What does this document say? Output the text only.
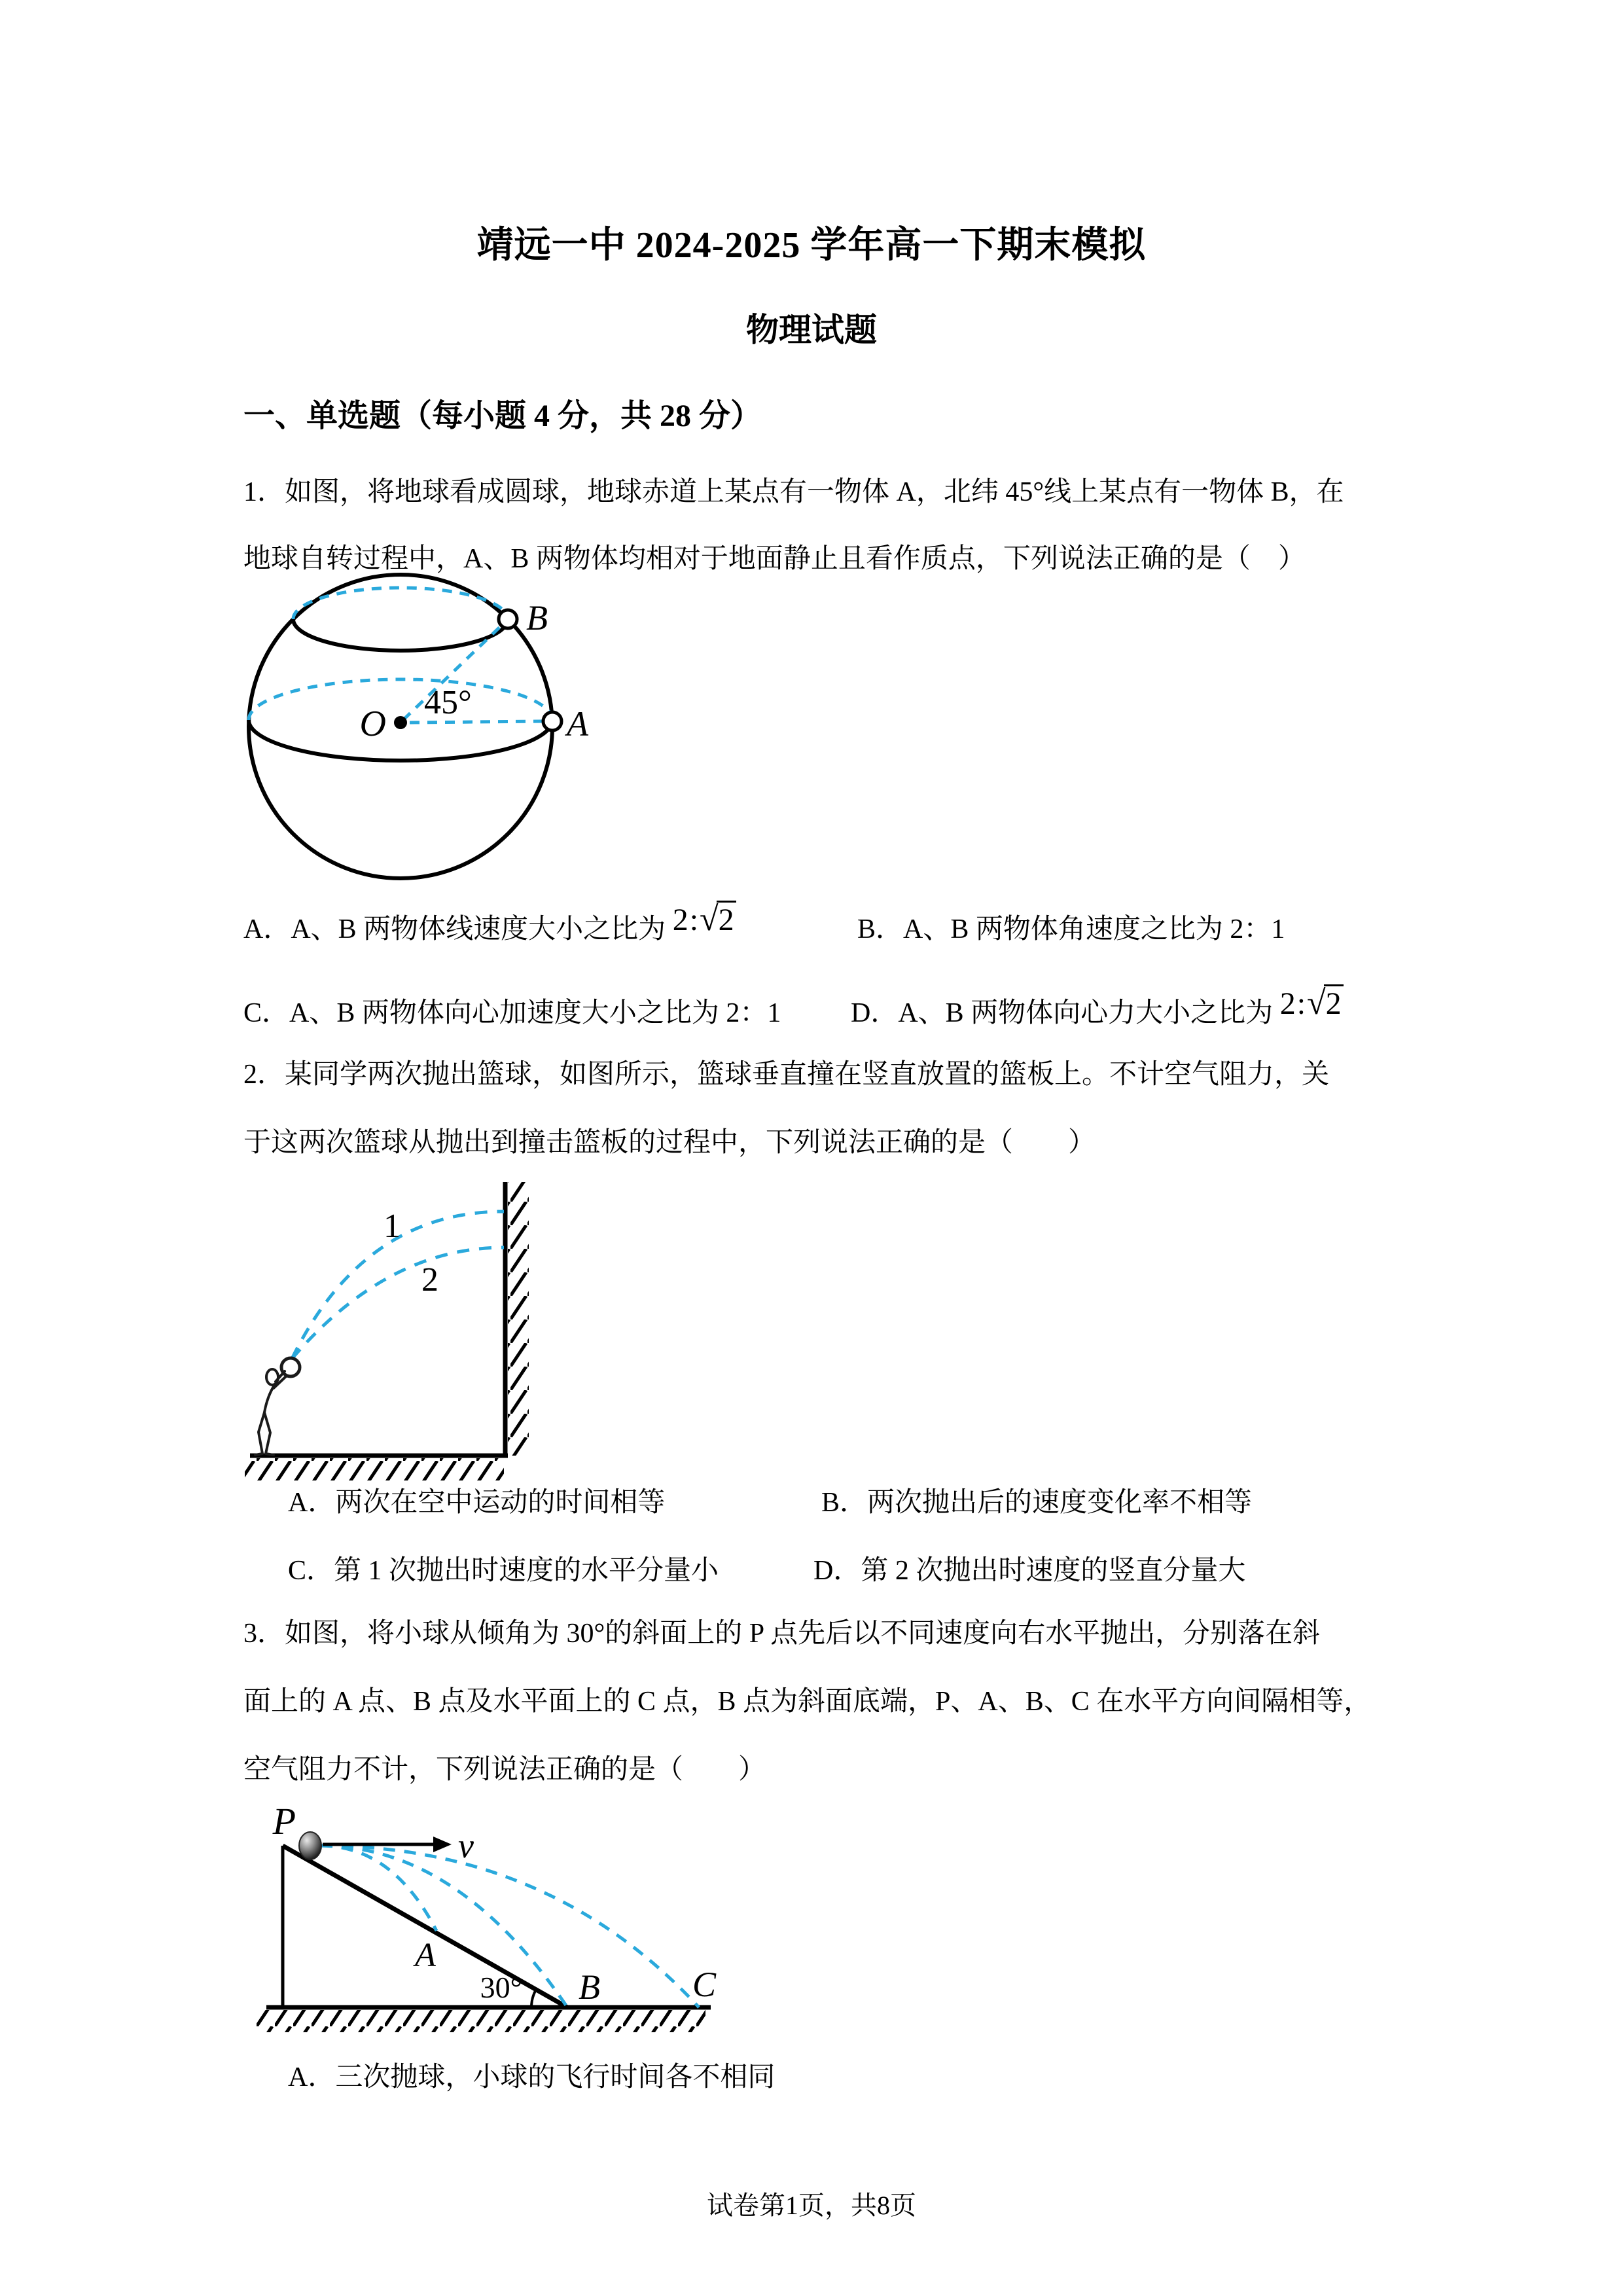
靖远一中 2024-2025 学年高一下期末模拟
物理试题
一、单选题（每小题 4 分，共 28 分）
1．如图，将地球看成圆球，地球赤道上某点有一物体 A，北纬 45°线上某点有一物体 B，在
地球自转过程中，A、B 两物体均相对于地面静止且看作质点，下列说法正确的是（　）
O
45°
A
B
A．A、B 两物体线速度大小之比为 2:√2	B．A、B 两物体角速度之比为 2：1
C．A、B 两物体向心加速度大小之比为 2：1	D．A、B 两物体向心力大小之比为 2:√2
2．某同学两次抛出篮球，如图所示，篮球垂直撞在竖直放置的篮板上。不计空气阻力，关
于这两次篮球从抛出到撞击篮板的过程中，下列说法正确的是（　　）
1
2
A．两次在空中运动的时间相等	B．两次抛出后的速度变化率不相等
C．第 1 次抛出时速度的水平分量小	D．第 2 次抛出时速度的竖直分量大
3．如图，将小球从倾角为 30°的斜面上的 P 点先后以不同速度向右水平抛出，分别落在斜
面上的 A 点、B 点及水平面上的 C 点，B 点为斜面底端，P、A、B、C 在水平方向间隔相等，
空气阻力不计，下列说法正确的是（　　）
P
v
A
30° B	C
A．三次抛球，小球的飞行时间各不相同
试卷第1页，共8页
